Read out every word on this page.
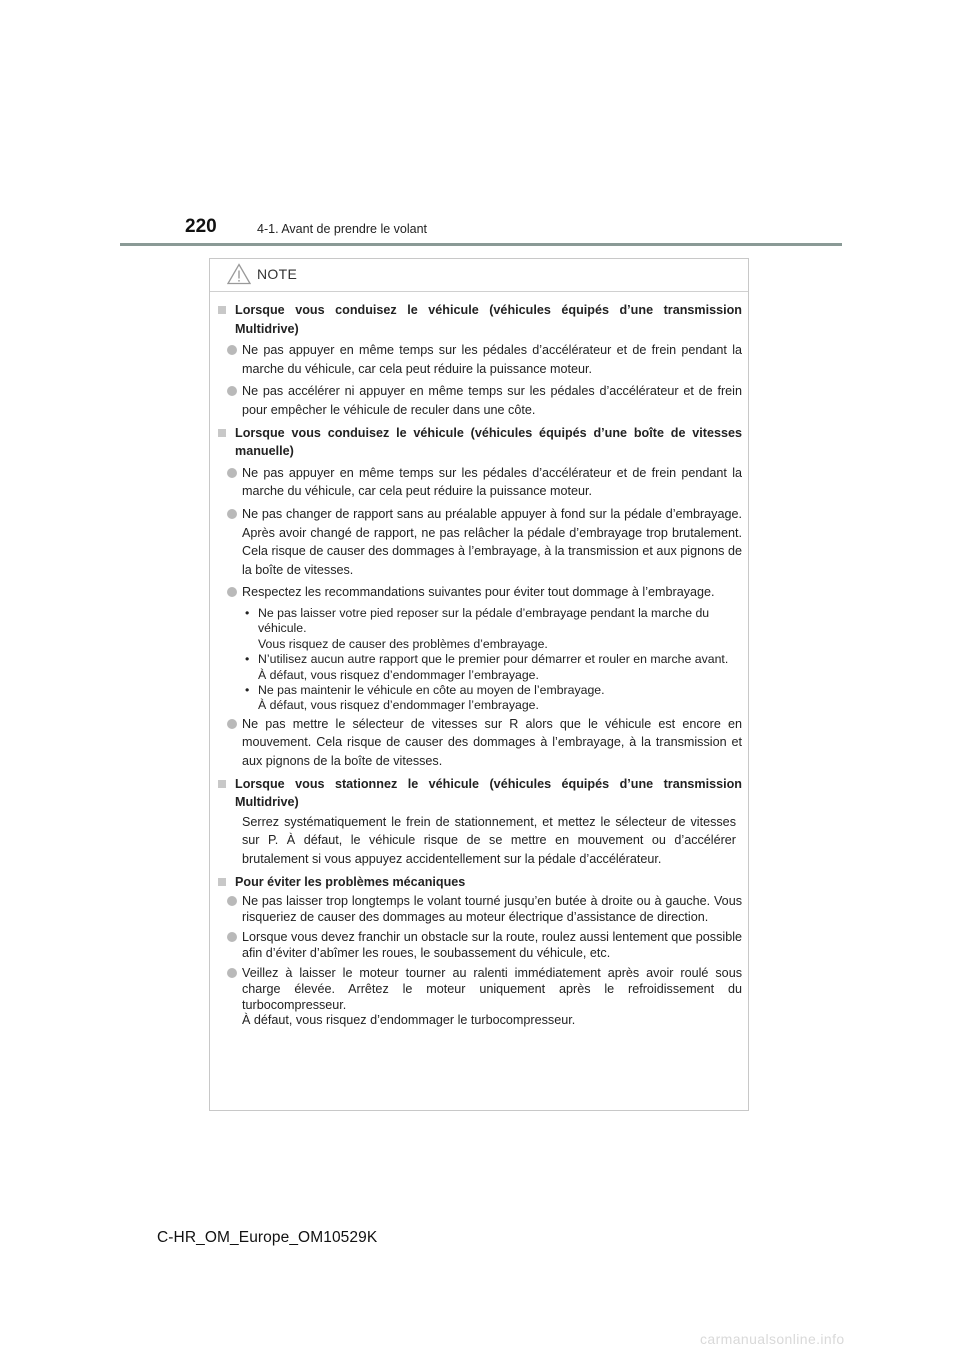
220	4-1. Avant de prendre le volant
NOTE
Lorsque vous conduisez le véhicule (véhicules équipés d’une transmission Multidrive)
Ne pas appuyer en même temps sur les pédales d’accélérateur et de frein pendant la marche du véhicule, car cela peut réduire la puissance moteur.
Ne pas accélérer ni appuyer en même temps sur les pédales d’accélérateur et de frein pour empêcher le véhicule de reculer dans une côte.
Lorsque vous conduisez le véhicule (véhicules équipés d’une boîte de vitesses manuelle)
Ne pas appuyer en même temps sur les pédales d’accélérateur et de frein pendant la marche du véhicule, car cela peut réduire la puissance moteur.
Ne pas changer de rapport sans au préalable appuyer à fond sur la pédale d’embrayage. Après avoir changé de rapport, ne pas relâcher la pédale d’embrayage trop brutalement. Cela risque de causer des dommages à l’embrayage, à la transmission et aux pignons de la boîte de vitesses.
Respectez les recommandations suivantes pour éviter tout dommage à l’embrayage.
• Ne pas laisser votre pied reposer sur la pédale d’embrayage pendant la marche du véhicule.
Vous risquez de causer des problèmes d’embrayage.
• N’utilisez aucun autre rapport que le premier pour démarrer et rouler en marche avant.
À défaut, vous risquez d’endommager l’embrayage.
• Ne pas maintenir le véhicule en côte au moyen de l’embrayage.
À défaut, vous risquez d’endommager l’embrayage.
Ne pas mettre le sélecteur de vitesses sur R alors que le véhicule est encore en mouvement. Cela risque de causer des dommages à l’embrayage, à la transmission et aux pignons de la boîte de vitesses.
Lorsque vous stationnez le véhicule (véhicules équipés d’une transmission Multidrive)
Serrez systématiquement le frein de stationnement, et mettez le sélecteur de vitesses sur P. À défaut, le véhicule risque de se mettre en mouvement ou d’accélérer brutalement si vous appuyez accidentellement sur la pédale d’accélérateur.
Pour éviter les problèmes mécaniques
Ne pas laisser trop longtemps le volant tourné jusqu’en butée à droite ou à gauche. Vous risqueriez de causer des dommages au moteur électrique d’assistance de direction.
Lorsque vous devez franchir un obstacle sur la route, roulez aussi lentement que possible afin d’éviter d’abîmer les roues, le soubassement du véhicule, etc.
Veillez à laisser le moteur tourner au ralenti immédiatement après avoir roulé sous charge élevée. Arrêtez le moteur uniquement après le refroidissement du turbocompresseur.
À défaut, vous risquez d’endommager le turbocompresseur.
C-HR_OM_Europe_OM10529K
carmanualsonline.info
